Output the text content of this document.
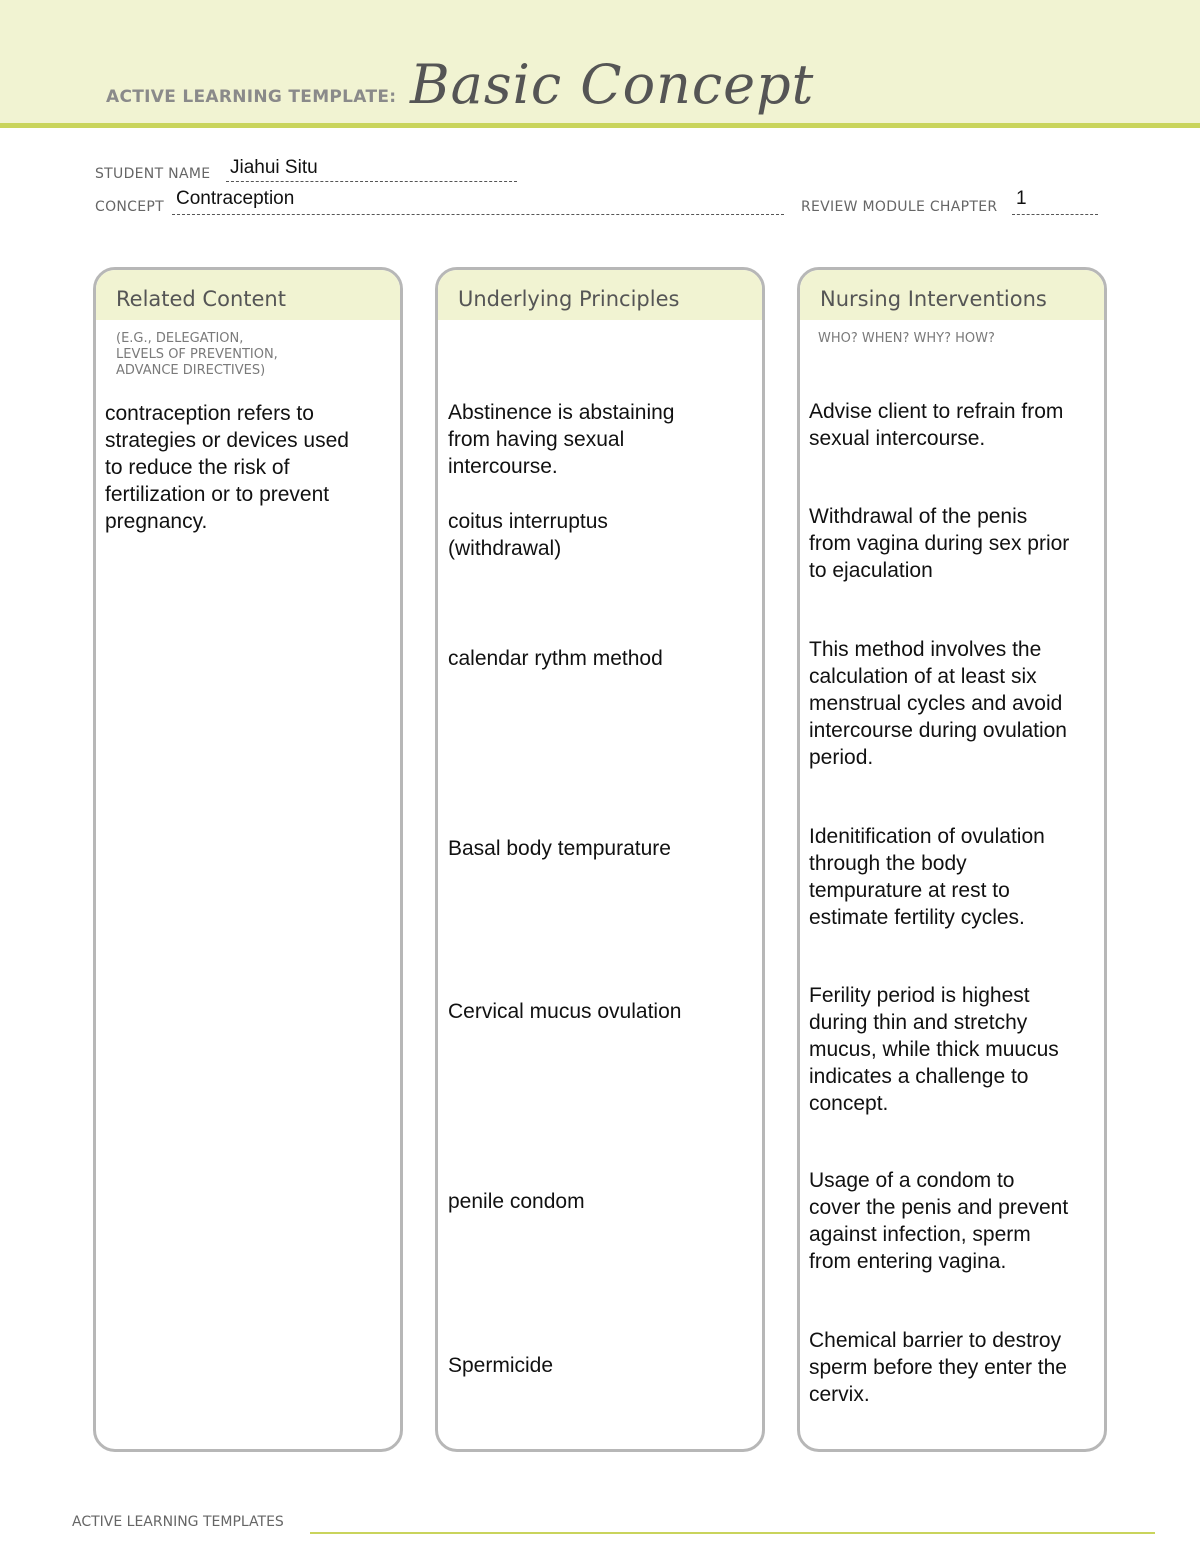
ACTIVE LEARNING TEMPLATE: Basic Concept
STUDENT NAME Jiahui Situ
CONCEPT Contraception	REVIEW MODULE CHAPTER 1
Related Content
(E.G., DELEGATION,
LEVELS OF PREVENTION,
ADVANCE DIRECTIVES)
contraception refers to
strategies or devices used
to reduce the risk of
fertilization or to prevent
pregnancy.
Underlying Principles
Abstinence is abstaining
from having sexual
intercourse.
coitus interruptus
(withdrawal)
calendar rythm method
Basal body tempurature
Cervical mucus ovulation
penile condom
Spermicide
Nursing Interventions
WHO? WHEN? WHY? HOW?
Advise client to refrain from
sexual intercourse.
Withdrawal of the penis
from vagina during sex prior
to ejaculation
This method involves the
calculation of at least six
menstrual cycles and avoid
intercourse during ovulation
period.
Idenitification of ovulation
through the body
tempurature at rest to
estimate fertility cycles.
Ferility period is highest
during thin and stretchy
mucus, while thick muucus
indicates a challenge to
concept.
Usage of a condom to
cover the penis and prevent
against infection, sperm
from entering vagina.
Chemical barrier to destroy
sperm before they enter the
cervix.
ACTIVE LEARNING TEMPLATES
